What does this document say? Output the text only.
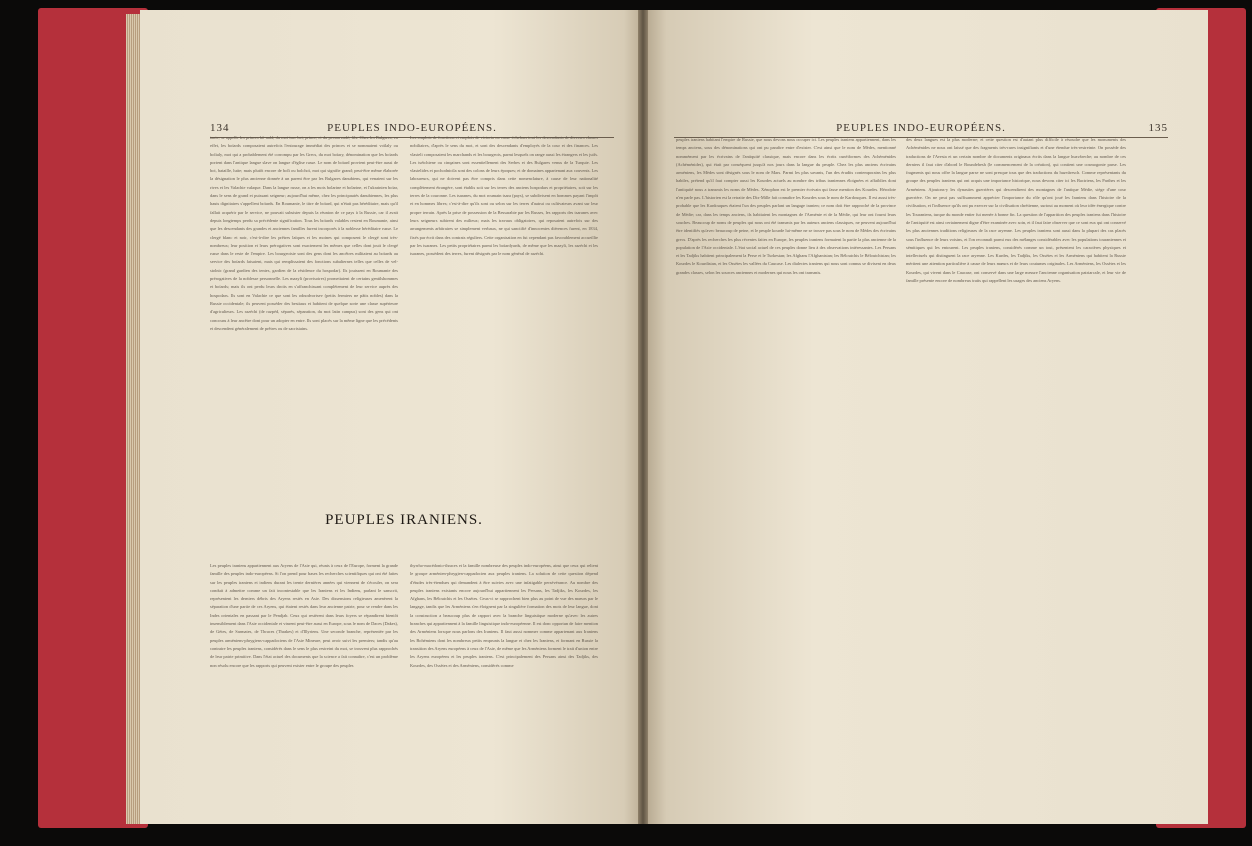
134	PEUPLES INDO-EUROPÉENS.	PEUPLES INDO-EUROPÉENS.	135
tanie; se appelle les princes bô-nald, du mot turc bei, prince, et du persan zadé, fils. Chez les Bulgares, en effet, les boïards composaient autrefois l'entourage immédiat des princes et se nommaient voïlaly ou bolialy, mot qui a probablement été corrompu par les Grecs, du mot boïary, dénomination que les boïards portent dans l'antique langue slave on langue d'église russe. Le nom de boïard provient peut-être aussi de boi, bataille, lutte; mais plutôt encore de bolï ou bolchoï, mot qui signifie grand; peut-être même élaborée la désignation le plus ancienne donnée à un parent être par les Bulgares danubiens, qui venaient sur les rives et les Valachie valaque. Dans la langue russe, on a les mots bolarine et bolarine, et l'ukrainien boïar, dans le sens de grand et puissant seigneur; aujourd'hui même, chez les principautés danubiennes, les plus hauts dignitaires s'appellent boïards. En Roumanie, le titre de boïard, qui n'était pas héréditaire, mais qu'il fallait acquérir par le service, ne pouvait subsister depuis la réunion de ce pays à la Russie, car il avait depuis longtemps perdu sa précédente signification. Tous les boïards valables restent en Roumanie, ainsi que les descendants des grandes et anciennes familles furent incorporés à la noblesse héréditaire russe. Le clergé blanc et noir, c'est-à-dire les prêtres laïques et les moines qui composent le clergé sont très-nombreux; leur position et leurs prérogatives sont exactement les mêmes que celles dont jouit le clergé russe dans le reste de l'empire. Les bourgeoisie sont des gens dont les ancêtres militaient au boïards au service des boïards faisaient, mais qui remplissaient des fonctions subalternes telles que celles de vel-stolnic (grand gardien des tentes, gardien de la résidence du hospodar). Ils jouissent en Roumanie des prérogatives de la noblesse personnelle. Les mazyli (provisoires) promettaient de certains gentilshommes et boïards; mais ils ont perdu leurs droits en s'affranchissant complètement de leur service auprès des hospodars. Ils sont en Valachie ce que sont les odnodvortsev (petits fermiers ne pâtis nobles) dans la Russie occidentale; ils peuvent posséder des bestiaux et habitent de quelque sorte une classe supérieure d'agriculteurs. Les razéchi (de razpéd, séparés, séparation, du mot latin campus) sont des gens qui ont concouru à leur ancêtre dont pour un adopter en entre. Ils sont placés sur la même ligne que les précédents et descendent généralement de prêtres ou de sacristains.
Les emplois de fonctions et emplois de victoria ou casse-échelons tout les descendants de diverses classes nobiliaires, d'après le sens du mot, et sont des descendants d'employés de la cour et des finances. Les vlasteli composaient les marchands et les bourgeois, parmi lesquels on range aussi les étrangers et les juifs. Les tsétchiene ou cinqaines sont essentiellement des Serbes et des Bulgares venus de la Turquie. Les vlastelides et pochodnicila sont des colons de leurs époques; et de domaines appartenant aux couvents. Les laboureurs, qui ne doivent pas être compris dans cette nomenclature, à cause de leur nationalité complètement étrangère, sont établis soit sur les terres des anciens hospodars et propriétaires, soit sur les terres de la couronne. Les tsaranes, du mot roumain tsara (pays), se subdivisent en hommes payant l'impôt et en hommes libres; c'est-à-dire qu'ils sont ou selon sur les terres d'autrui ou cultivateurs avant sur leur propre terrain. Après la prise de possession de la Bessarabie par les Russes, les rapports des tsaranes avec leurs seigneurs subirent des milieux; mais les travaux obligatoires, qui reposaient autrefois sur des arrangements arbitraires se simplement verbaux, ne qui sanctifié d'innocentes diérences furent, en 1834, fixés par écrit dans des contrats réguliers. Cette organisation en fut cependant pas favorablement accueillie par les tsaranes. Les petits propriétaires parmi les boïardyards, de même que les mazyli, les razéchi et les tsaranes, possèdent des terres, furent désignés par le nom général de razéchi.
PEUPLES IRANIENS.
Les peuples iraniens appartiennent aux Aryens de l'Asie qui, réunis à ceux de l'Europe, forment la grande famille des peuples indo-européens. Si l'on prend pour bases les recherches scientifiques qui ont été faites sur les peuples iraniens et indiens durant les trente dernières années qui viennent de s'écouler, on sera conduit à admettre comme un fait incontestable que les Iraniens et les Indiens, parlant le sanscrit, représentent les derniers débris des Aryens restés en Asie. Des dissensions religieuses amenèrent la séparation d'une partie de ces Aryens, qui étaient restés dans leur ancienne patrie, pour se rendre dans les Indes orientales en passant par le Pendjab. Ceux qui restèrent dans leurs foyers se répandirent bientôt insensiblement dans l'Asie occidentale et vinrent peut-être aussi en Europe, sous le nom de Daces (Dakes), de Gètes, de Sarmates, de Thraces (Thrakes) et d'Illyriens. Une seconde branche, représentée par les peuples arméniens-phrygiens-cappadociens de l'Asie Mineure, peut avoir suivi les premiers; tandis qu'au contraire les peuples iraniens, considérés dans le sens le plus restreint du mot, se trouvent plus rapprochés de leur patrie primitive. Dans l'état actuel des documents que la science a fait connaître, c'est un problème non résolu encore que les rapports qui peuvent exister entre le groupe des peuples
thyrrho-macédonio-thraces et la famille nombreuse des peuples indo-européens, ainsi que ceux qui relient le groupe arménien-phrygien-cappadocien aux peuples iraniens. La solution de cette question dépend d'études très-étendues qui demandent à être suivies avec une infatigable persévérance. Au nombre des peuples iraniens existants encore aujourd'hui appartiennent les Persans, les Tadjiks, les Kourdes, les Afghans, les Béloutchis et les Ossètes. Ceux-ci se rapprochent bien plus au point de vue des mœurs par le langage, tandis que les Arméniens s'en éloignent par la singulière formation des mots de leur langue, dont la construction a beaucoup plus de rapport avec la branche linguistique moderne qu'avec les autres branches qui appartiennent à la famille linguistique indo-européenne. Il est donc opportun de faire mention des Arméniens lorsque nous parlons des Iraniens. Il faut aussi nommer comme appartenant aux Iraniens les Bohémiens dont les nombreux petits emprunts la langue et chez les Iraniens, et formant en Russie la transition des Aryens européens à ceux de l'Asie, de même que les Arméniens forment le trait d'union entre les Aryens européens et les peuples iraniens. C'est principalement des Persans ainsi des Tadjiks, des Kourdes, des Ossètes et des Arméniens, considérés comme
peuples iraniens habitant l'empire de Russie, que nous devons nous occuper ici. Les peuples iraniens appartiennent, dans les temps anciens, sous des dénominations qui ont pu paraître entre d'exister. C'est ainsi que le nom de Mèdes, mentionné nommément par les écrivains de l'antiquité classique, mais encore dans les écrits cunéiformes des Achéménides (Achéménides), qui était par conséquent jusqu'à nos jours dans la langue du peuple. Chez les plus anciens écrivains arméniens, les Mèdes sont désignés sous le nom de Mars. Parmi les plus savants, l'un des érudits contemporains les plus habiles, prétend qu'il faut compter aussi les Kourdes actuels au nombre des tribus iraniennes éloignées et affaiblies dont l'antiquité nous a transmis les noms de Mèdes. Xénophon est le premier écrivain qui fasse mention des Kourdes. Hérodote n'en parle pas. L'historien est la retraite des Dix-Mille fait connaître les Kourdes sous le nom de Kardouques. Il est aussi très-probable que les Kardouques étaient l'un des peuples parlant un langage iranien; ce nom doit être rapproché de la province de Médie; car, dans les temps anciens, ils habitaient les montagnes de l'Arménie et de la Médie, qui leur ont fourni leurs souches. Beaucoup de noms de peuples qui nous ont été transmis par les auteurs anciens classiques, ne peuvent aujourd'hui être identifiés qu'avec beaucoup de peine, et le peuple kourde lui-même ne se trouve pas sous le nom de Mèdes des écrivains grecs. D'après les recherches les plus récentes faites en Europe, les peuples iraniens formaient la partie la plus ancienne de la population de l'Asie occidentale. L'état social actuel de ces peuples donne lieu à des observations intéressantes. Les Persans et les Tadjiks habitent principalement la Perse et le Turkestan; les Afghans l'Afghanistan; les Béloutchis le Béloutchistan; les Kourdes le Kourdistan, et les Ossètes les vallées du Caucase. Les dialectes iraniens qui nous sont connus se divisent en deux grandes classes, selon les sources anciennes et modernes qui nous les ont transmis.
des deux langues est la plus moderne; et cette question est d'autant plus difficile à résoudre que les monuments des Achéménides ne nous ont laissé que des fragments très-rares insignifiants et d'une étendue très-restreinte. On possède des traductions de l'Avesta et un certain nombre de documents originaux écrits dans la langue huzvâreche; au nombre de ces derniers il faut citer d'abord le Boundehesh (le commencement de la création), qui contient une cosmogonie parse. Les fragments qui nous offre la langue parse ne sont presque tous que des traductions du huzvâresch. Comme représentants du groupe des peuples iraniens qui ont acquis une importance historique, nous devons citer ici les Bactriens, les Parthes et les Arméniens. Ajoutons-y les dynasties guerrières qui descendirent des montagnes de l'antique Médie, siège d'une cour guerrière. On ne peut pas suffisamment apprécier l'importance du rôle qu'ont joué les Iraniens dans l'histoire de la civilisation, et l'influence qu'ils ont pu exercer sur la civilisation chrétienne, surtout au moment où leur idée énergique contre les Touraniens, turque du monde entier fut menée à bonne fin. La question de l'apparition des peuples iraniens dans l'histoire de l'antiquité est ainsi certainement digne d'être examinée avec soin, et il faut faire observer que ce sont eux qui ont conservé les plus anciennes traditions religieuses de la race aryenne. Les peuples iraniens sont aussi dans la plupart des cas placés sous l'influence de leurs voisins, et l'on reconnaît parmi eux des mélanges considérables avec les populations touraniennes et sémitiques qui les entourent. Les peuples iraniens, considérés comme un tout, présentent les caractères physiques et intellectuels qui distinguent la race aryenne. Les Kurdes, les Tadjiks, les Ossètes et les Arméniens qui habitent la Russie méritent une attention particulière à cause de leurs mœurs et de leurs coutumes originales. Les Arméniens, les Ossètes et les Kourdes, qui vivent dans le Caucase, ont conservé dans une large mesure l'ancienne organisation patriarcale, et leur vie de famille présente encore de nombreux traits qui rappellent les usages des anciens Aryens.
